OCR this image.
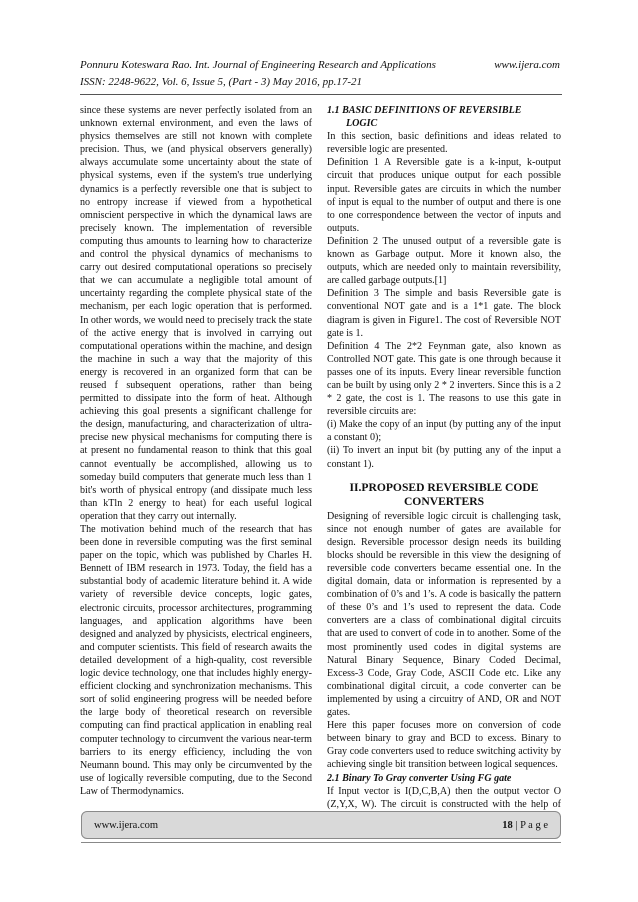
Ponnuru Koteswara Rao. Int. Journal of Engineering Research and Applications	www.ijera.com
ISSN: 2248-9622, Vol. 6, Issue 5, (Part - 3) May 2016, pp.17-21

since these systems are never perfectly isolated from an unknown external environment, and even the laws of physics themselves are still not known with complete precision. Thus, we (and physical observers generally) always accumulate some uncertainty about the state of physical systems, even if the system's true underlying dynamics is a perfectly reversible one that is subject to no entropy increase if viewed from a hypothetical omniscient perspective in which the dynamical laws are precisely known. The implementation of reversible computing thus amounts to learning how to characterize and control the physical dynamics of mechanisms to carry out desired computational operations so precisely that we can accumulate a negligible total amount of uncertainty regarding the complete physical state of the mechanism, per each logic operation that is performed. In other words, we would need to precisely track the state of the active energy that is involved in carrying out computational operations within the machine, and design the machine in such a way that the majority of this energy is recovered in an organized form that can be reused f subsequent operations, rather than being permitted to dissipate into the form of heat. Although achieving this goal presents a significant challenge for the design, manufacturing, and characterization of ultra-precise new physical mechanisms for computing there is at present no fundamental reason to think that this goal cannot eventually be accomplished, allowing us to someday build computers that generate much less than 1 bit's worth of physical entropy (and dissipate much less than kTln 2 energy to heat) for each useful logical operation that they carry out internally.

The motivation behind much of the research that has been done in reversible computing was the first seminal paper on the topic, which was published by Charles H. Bennett of IBM research in 1973. Today, the field has a substantial body of academic literature behind it. A wide variety of reversible device concepts, logic gates, electronic circuits, processor architectures, programming languages, and application algorithms have been designed and analyzed by physicists, electrical engineers, and computer scientists. This field of research awaits the detailed development of a high-quality, cost reversible logic device technology, one that includes highly energy-efficient clocking and synchronization mechanisms. This sort of solid engineering progress will be needed before the large body of theoretical research on reversible computing can find practical application in enabling real computer technology to circumvent the various near-term barriers to its energy efficiency, including the von Neumann bound. This may only be circumvented by the use of logically reversible computing, due to the Second Law of Thermodynamics.

1.1 BASIC DEFINITIONS OF REVERSIBLE
LOGIC

In this section, basic definitions and ideas related to reversible logic are presented.

Definition 1 A Reversible gate is a k-input, k-output circuit that produces unique output for each possible input. Reversible gates are circuits in which the number of input is equal to the number of output and there is one to one correspondence between the vector of inputs and outputs.

Definition 2 The unused output of a reversible gate is known as Garbage output. More it known also, the outputs, which are needed only to maintain reversibility, are called garbage outputs.[1]

Definition 3 The simple and basis Reversible gate is conventional NOT gate and is a 1*1 gate. The block diagram is given in Figure1. The cost of Reversible NOT gate is 1.

Definition 4 The 2*2 Feynman gate, also known as Controlled NOT gate. This gate is one through because it passes one of its inputs. Every linear reversible function can be built by using only 2 * 2 inverters. Since this is a 2 * 2 gate, the cost is 1. The reasons to use this gate in reversible circuits are:

(i) Make the copy of an input (by putting any of the input a constant 0);

(ii) To invert an input bit (by putting any of the input a constant 1).

II.PROPOSED REVERSIBLE CODE
CONVERTERS

Designing of reversible logic circuit is challenging task, since not enough number of gates are available for design. Reversible processor design needs its building blocks should be reversible in this view the designing of reversible code converters became essential one. In the digital domain, data or information is represented by a combination of 0’s and 1’s. A code is basically the pattern of these 0’s and 1’s used to represent the data. Code converters are a class of combinational digital circuits that are used to convert of code in to another. Some of the most prominently used codes in digital systems are Natural Binary Sequence, Binary Coded Decimal, Excess-3 Code, Gray Code, ASCII Code etc. Like any combinational digital circuit, a code converter can be implemented by using a circuitry of AND, OR and NOT gates.

Here this paper focuses more on conversion of code between binary to gray and BCD to excess. Binary to Gray code converters used to reduce switching activity by achieving single bit transition between logical sequences.

2.1 Binary To Gray converter Using FG gate

If Input vector is I(D,C,B,A) then the output vector O (Z,Y,X, W). The circuit is constructed with the help of

www.ijera.com	18 | P a g e
